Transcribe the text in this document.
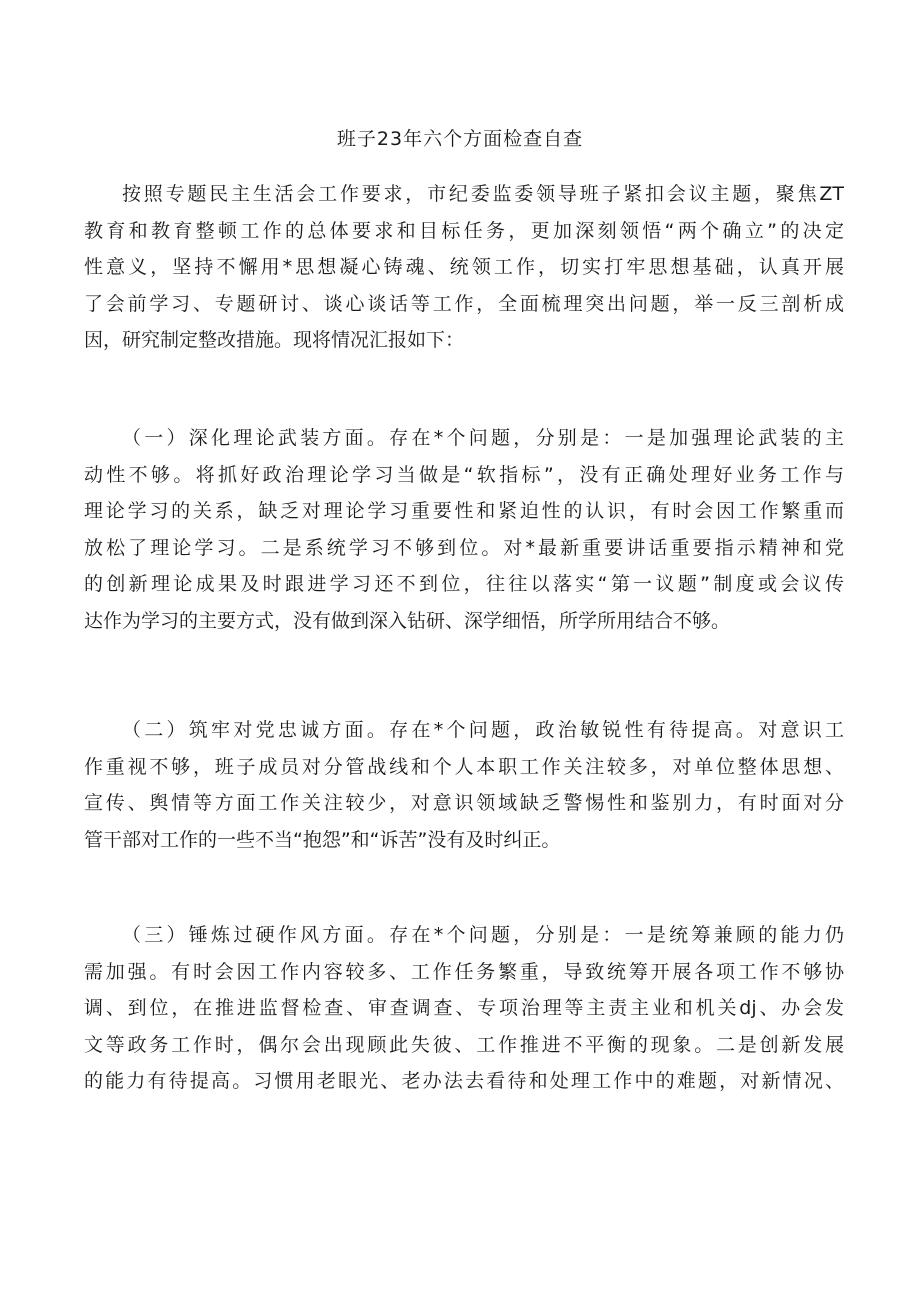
班子23年六个方面检查自查
按照专题民主生活会工作要求，市纪委监委领导班子紧扣会议主题，聚焦ZT
教育和教育整顿工作的总体要求和目标任务，更加深刻领悟“两个确立”的决定
性意义，坚持不懈用*思想凝心铸魂、统领工作，切实打牢思想基础，认真开展
了会前学习、专题研讨、谈心谈话等工作，全面梳理突出问题，举一反三剖析成
因，研究制定整改措施。现将情况汇报如下：
（一）深化理论武装方面。存在*个问题，分别是：一是加强理论武装的主
动性不够。将抓好政治理论学习当做是“软指标”，没有正确处理好业务工作与
理论学习的关系，缺乏对理论学习重要性和紧迫性的认识，有时会因工作繁重而
放松了理论学习。二是系统学习不够到位。对*最新重要讲话重要指示精神和党
的创新理论成果及时跟进学习还不到位，往往以落实“第一议题”制度或会议传
达作为学习的主要方式，没有做到深入钻研、深学细悟，所学所用结合不够。
（二）筑牢对党忠诚方面。存在*个问题，政治敏锐性有待提高。对意识工
作重视不够，班子成员对分管战线和个人本职工作关注较多，对单位整体思想、
宣传、舆情等方面工作关注较少，对意识领域缺乏警惕性和鉴别力，有时面对分
管干部对工作的一些不当“抱怨”和“诉苦”没有及时纠正。
（三）锤炼过硬作风方面。存在*个问题，分别是：一是统筹兼顾的能力仍
需加强。有时会因工作内容较多、工作任务繁重，导致统筹开展各项工作不够协
调、到位，在推进监督检查、审查调查、专项治理等主责主业和机关dj、办会发
文等政务工作时，偶尔会出现顾此失彼、工作推进不平衡的现象。二是创新发展
的能力有待提高。习惯用老眼光、老办法去看待和处理工作中的难题，对新情况、
